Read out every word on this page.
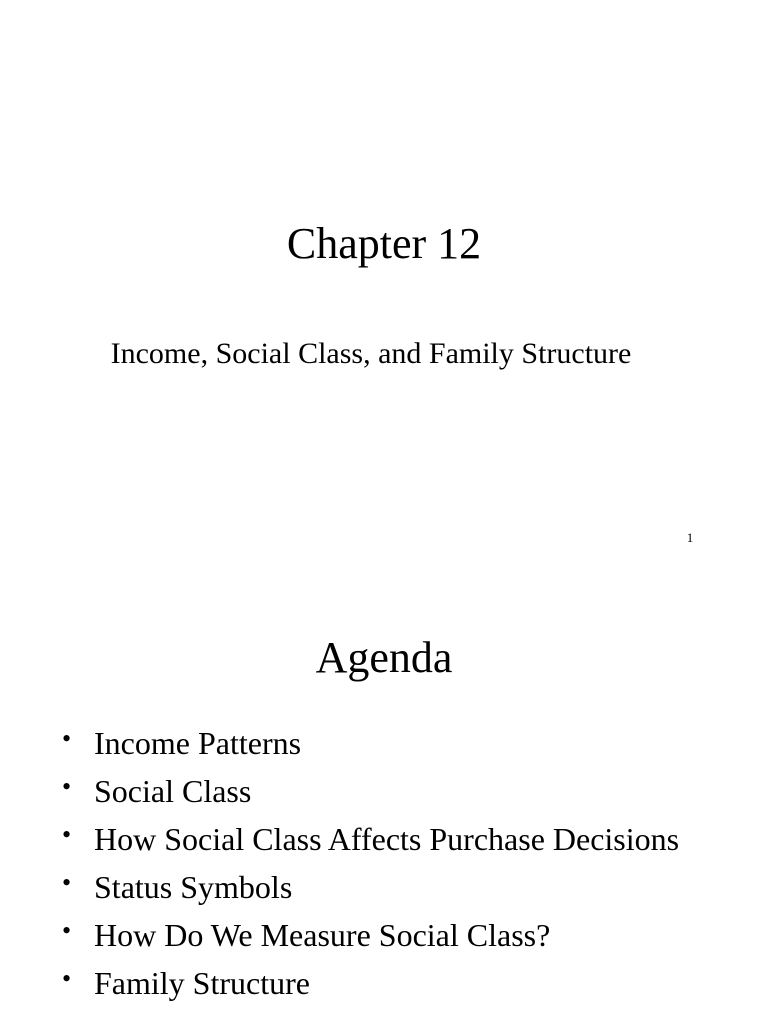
Chapter 12
Income, Social Class, and Family Structure
1
Agenda
• Income Patterns
• Social Class
• How Social Class Affects Purchase Decisions
• Status Symbols
• How Do We Measure Social Class?
• Family Structure
